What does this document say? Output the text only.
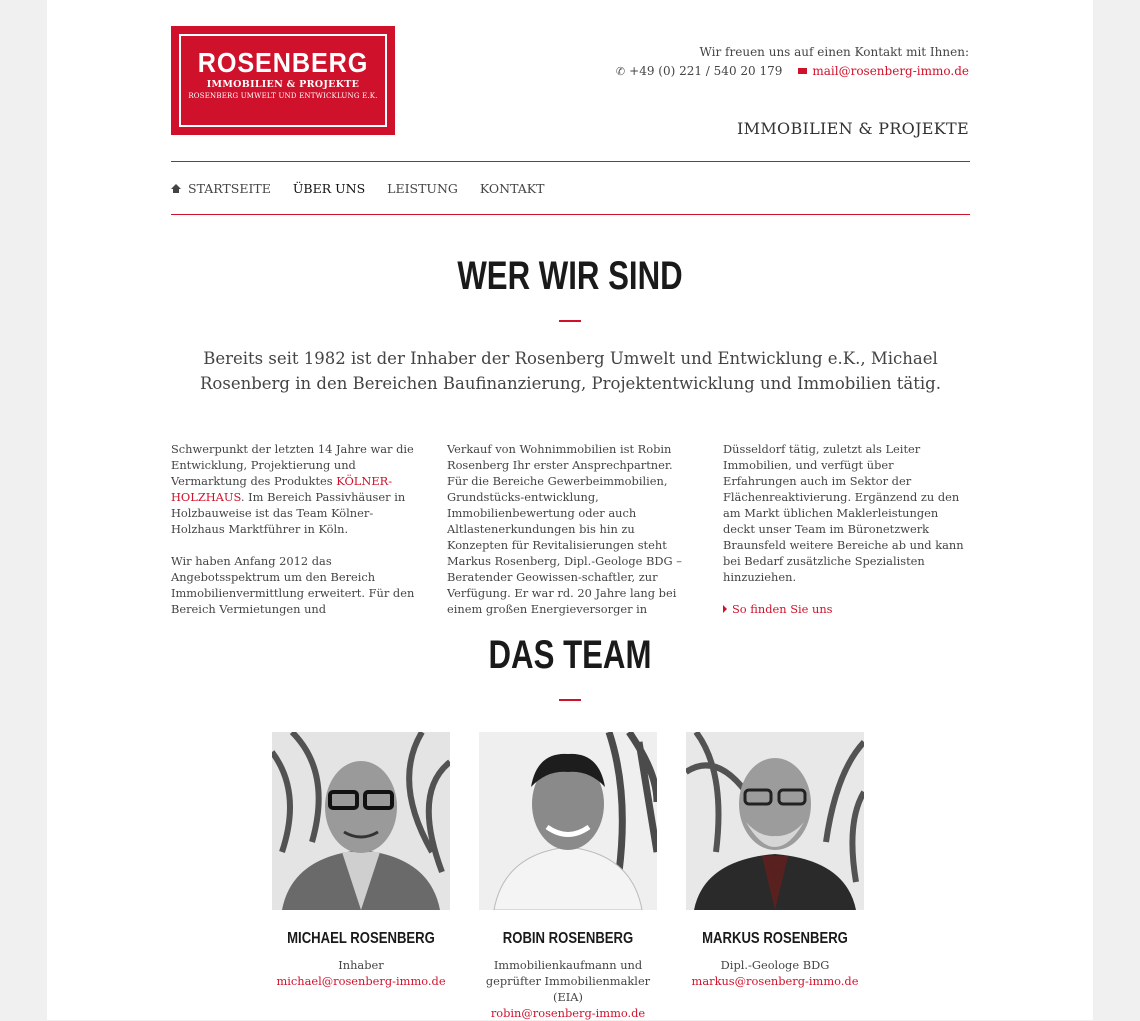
ROSENBERG
IMMOBILIEN & PROJEKTE
ROSENBERG UMWELT UND ENTWICKLUNG E.K.
Wir freuen uns auf einen Kontakt mit Ihnen:
✆ +49 (0) 221 / 540 20 179	mail@rosenberg-immo.de
IMMOBILIEN & PROJEKTE
STARTSEITE ÜBER UNS LEISTUNG KONTAKT
WER WIR SIND
Bereits seit 1982 ist der Inhaber der Rosenberg Umwelt und Entwicklung e.K., Michael Rosenberg in den Bereichen Baufinanzierung, Projektentwicklung und Immobilien tätig.

Schwerpunkt der letzten 14 Jahre war die Entwicklung, Projektierung und Vermarktung des Produktes KÖLNER-HOLZHAUS. Im Bereich Passivhäuser in Holzbauweise ist das Team Kölner-Holzhaus Marktführer in Köln.

Wir haben Anfang 2012 das Angebotsspektrum um den Bereich Immobilienvermittlung erweitert. Für den Bereich Vermietungen und

Verkauf von Wohnimmobilien ist Robin Rosenberg Ihr erster Ansprechpartner. Für die Bereiche Gewerbeimmobilien, Grundstücks-entwicklung, Immobilienbewertung oder auch Altlastenerkundungen bis hin zu Konzepten für Revitalisierungen steht Markus Rosenberg, Dipl.-Geologe BDG – Beratender Geowissen-schaftler, zur Verfügung. Er war rd. 20 Jahre lang bei einem großen Energieversorger in

Düsseldorf tätig, zuletzt als Leiter Immobilien, und verfügt über Erfahrungen auch im Sektor der Flächenreaktivierung. Ergänzend zu den am Markt üblichen Maklerleistungen deckt unser Team im Büronetzwerk Braunsfeld weitere Bereiche ab und kann bei Bedarf zusätzliche Spezialisten hinzuziehen.

So finden Sie uns
DAS TEAM
MICHAEL ROSENBERG
Inhaber
michael@rosenberg-immo.de
ROBIN ROSENBERG
Immobilienkaufmann und
geprüfter Immobilienmakler (EIA)
robin@rosenberg-immo.de
MARKUS ROSENBERG
Dipl.-Geologe BDG
markus@rosenberg-immo.de
